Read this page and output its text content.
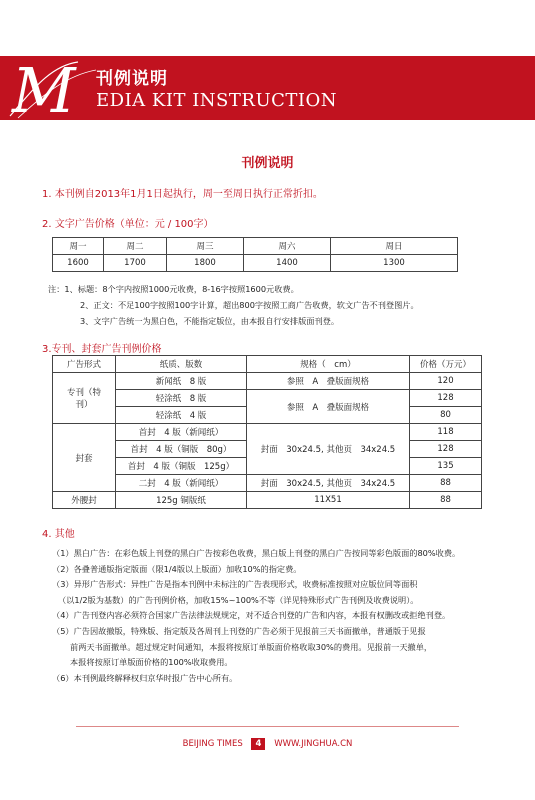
M 刊例说明
EDIA KIT INSTRUCTION
刊例说明
1. 本刊例自2013年1月1日起执行，周一至周日执行正常折扣。
2. 文字广告价格（单位：元 / 100字）
周一	周二	周三	周六	周日
1600	1700	1800	1400	1300
注：1、标题：8个字内按照1000元收费，8-16字按照1600元收费。
2、正文：不足100字按照100字计算，超出800字按照工商广告收费，软文广告不刊登图片。
3、文字广告统一为黑白色，不能指定版位，由本报自行安排版面刊登。
3.专刊、封套广告刊例价格
广告形式	纸质、版数	规格（　cm）	价格（万元）
专刊（特刊）	新闻纸　8 版	参照　A　叠版面规格	120
	轻涂纸　8 版	参照　A　叠版面规格	128
	轻涂纸　4 版		80
封套	首封　4 版（新闻纸）	封面　30x24.5, 其他页　34x24.5	118
	首封　4 版（铜版　80g）		128
	首封　4 版（铜版　125g）		135
	二封　4 版（新闻纸）	封面　30x24.5, 其他页　34x24.5	88
外腰封	125g 铜版纸	11X51	88
4. 其他

（1）黑白广告：在彩色版上刊登的黑白广告按彩色收费，黑白版上刊登的黑白广告按同等彩色版面的80%收费。

（2）各叠普通版指定版面（限1/4版以上版面）加收10%的指定费。

（3）异形广告形式：异性广告是指本刊例中未标注的广告表现形式，收费标准按照对应版位同等面积

（以1/2版为基数）的广告刊例价格，加收15%~100%不等（详见特殊形式广告刊例及收费说明）。

（4）广告刊登内容必须符合国家广告法律法规规定，对不适合刊登的广告和内容，本报有权删改或拒绝刊登。

（5）广告因故撤版，特殊版、指定版及各周刊上刊登的广告必须于见报前三天书面撤单，普通版于见报

前两天书面撤单。超过规定时间通知，本报将按原订单版面价格收取30%的费用。见报前一天撤单，

本报将按原订单版面价格的100%收取费用。

（6）本刊例最终解释权归京华时报广告中心所有。

BEIJING TIMES 4 WWW.JINGHUA.CN
